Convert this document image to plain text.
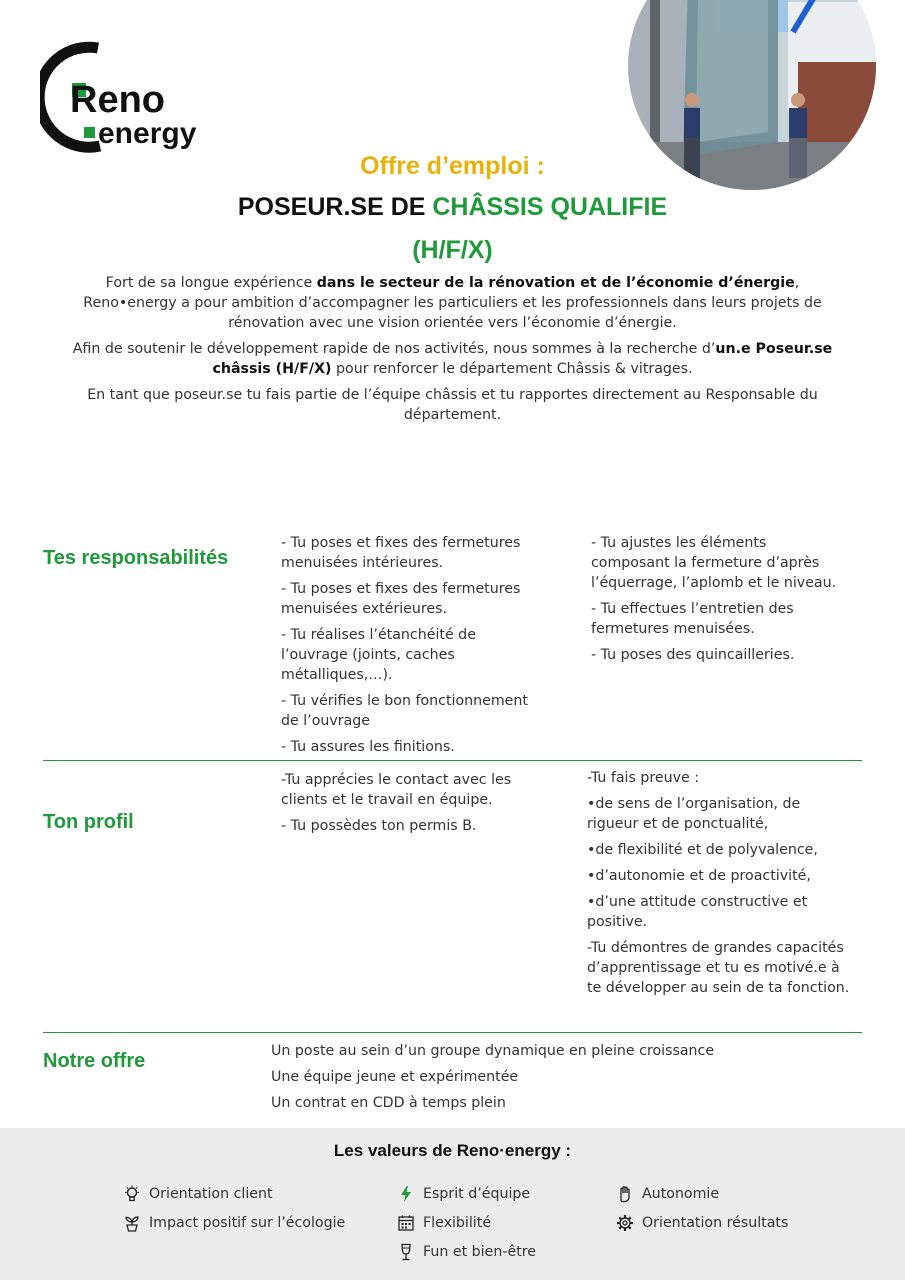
Reno
energy
Offre d’emploi :
POSEUR.SE DE CHÂSSIS QUALIFIE
(H/F/X)

Fort de sa longue expérience dans le secteur de la rénovation et de l’économie d’énergie, Reno•energy a pour ambition d’accompagner les particuliers et les professionnels dans leurs projets de rénovation avec une vision orientée vers l’économie d’énergie.

Afin de soutenir le développement rapide de nos activités, nous sommes à la recherche d’un.e Poseur.se châssis (H/F/X) pour renforcer le département Châssis & vitrages.

En tant que poseur.se tu fais partie de l’équipe châssis et tu rapportes directement au Responsable du département.

Tes responsabilités

- Tu poses et fixes des fermetures menuisées intérieures.

- Tu poses et fixes des fermetures menuisées extérieures.

- Tu réalises l’étanchéité de l’ouvrage (joints, caches métalliques,…).

- Tu vérifies le bon fonctionnement de l’ouvrage

- Tu assures les finitions.

- Tu ajustes les éléments composant la fermeture d’après l’équerrage, l’aplomb et le niveau.

- Tu effectues l’entretien des fermetures menuisées.

- Tu poses des quincailleries.

Ton profil

-Tu apprécies le contact avec les clients et le travail en équipe.

- Tu possèdes ton permis B.

-Tu fais preuve :

•de sens de l’organisation, de rigueur et de ponctualité,

•de flexibilité et de polyvalence,

•d’autonomie et de proactivité,

•d’une attitude constructive et positive.

-Tu démontres de grandes capacités d’apprentissage et tu es motivé.e à te développer au sein de ta fonction.

Notre offre	Un poste au sein d’un groupe dynamique en pleine croissance

Une équipe jeune et expérimentée

Un contrat en CDD à temps plein

Les valeurs de Reno·energy :
Orientation client
Impact positif sur l’écologie
Esprit d’équipe
Flexibilité
Fun et bien-être
Autonomie
Orientation résultats
